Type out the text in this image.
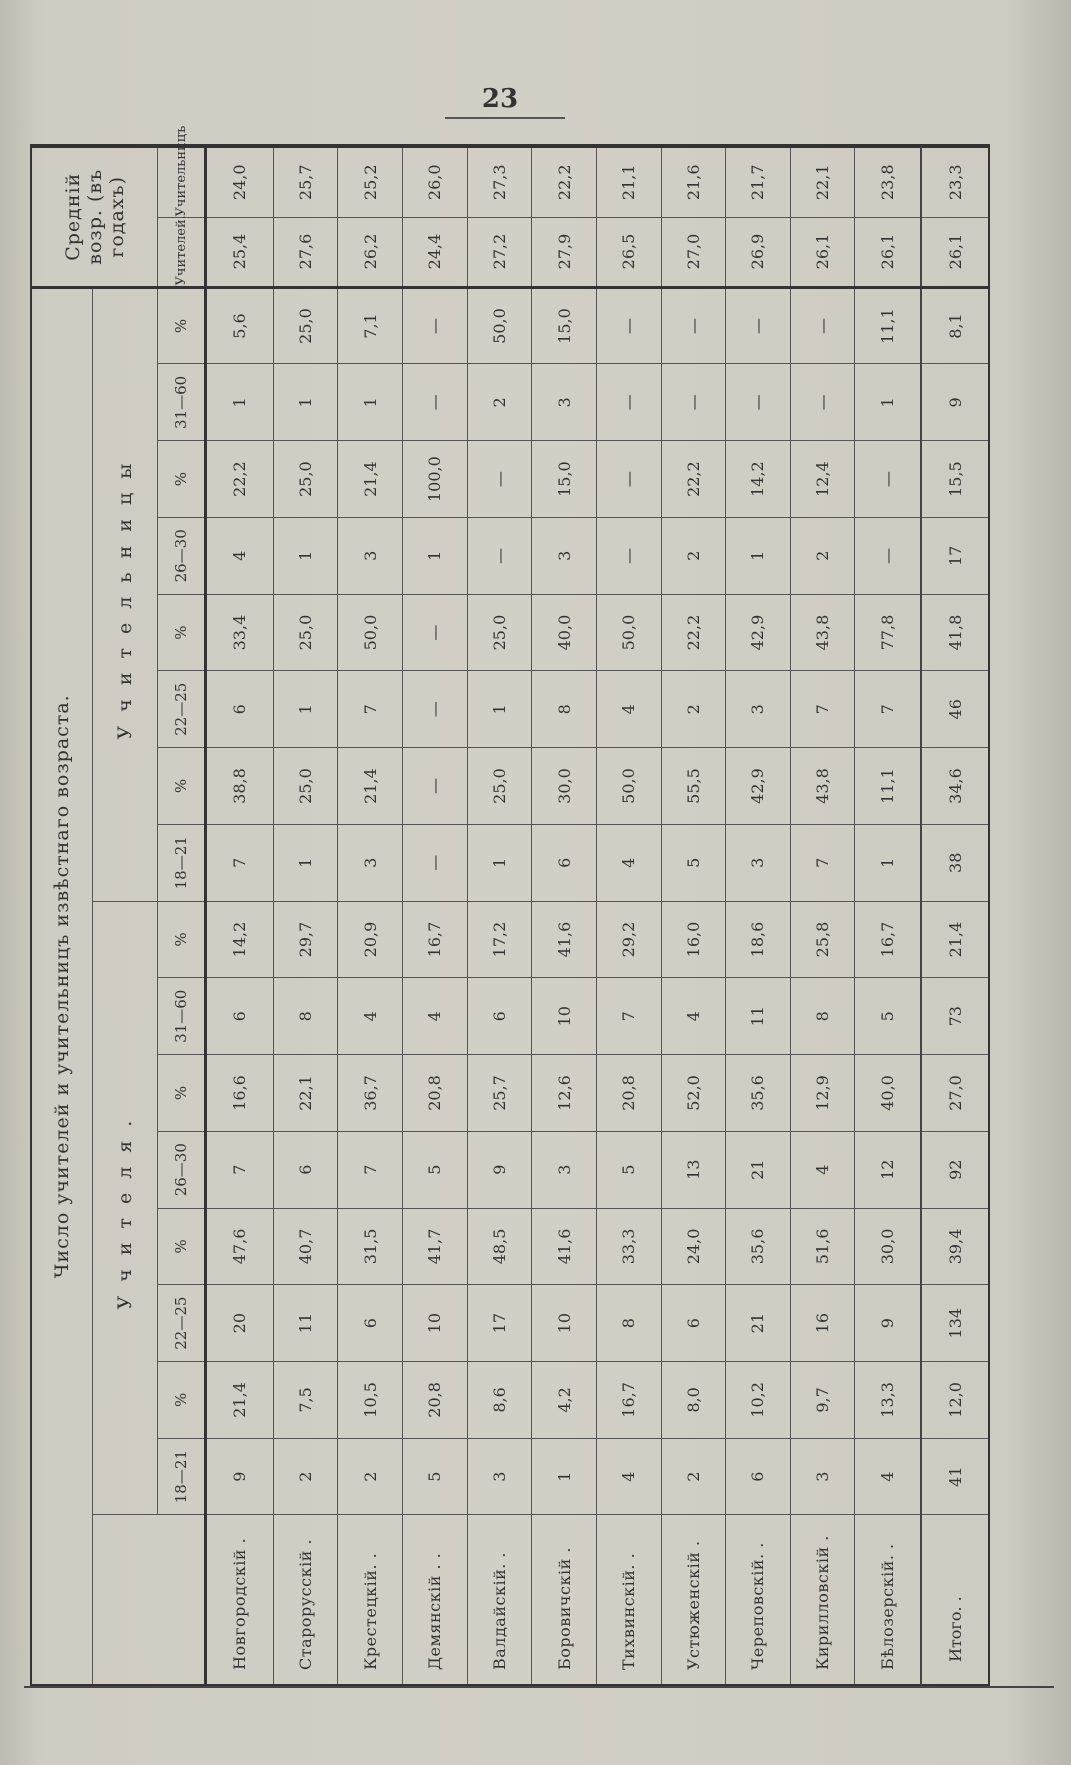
23
Число учителей и учительницъ извѣстнаго возраста.																	Средній возр. (въ годахъ)	
	Учителя.								Учительницы									
	18—21	%	22—25	%	26—30	%	31—60	%	18—21	%	22—25	%	26—30	%	31—60	%	Учителей.	Учительницъ
Новгородскій .	9	21,4	20	47,6	7	16,6	6	14,2	7	38,8	6	33,4	4	22,2	1	5,6	25,4	24,0
Старорусскій .	2	7,5	11	40,7	6	22,1	8	29,7	1	25,0	1	25,0	1	25,0	1	25,0	27,6	25,7
Крестецкій. .	2	10,5	6	31,5	7	36,7	4	20,9	3	21,4	7	50,0	3	21,4	1	7,1	26,2	25,2
Демянскій . .	5	20,8	10	41,7	5	20,8	4	16,7	—	—	—	—	1	100,0	—	—	24,4	26,0
Валдайскій. .	3	8,6	17	48,5	9	25,7	6	17,2	1	25,0	1	25,0	—	—	2	50,0	27,2	27,3
Боровичскій .	1	4,2	10	41,6	3	12,6	10	41,6	6	30,0	8	40,0	3	15,0	3	15,0	27,9	22,2
Тихвинскій. .	4	16,7	8	33,3	5	20,8	7	29,2	4	50,0	4	50,0	—	—	—	—	26,5	21,1
Устюженскій .	2	8,0	6	24,0	13	52,0	4	16,0	5	55,5	2	22,2	2	22,2	—	—	27,0	21,6
Череповскій. .	6	10,2	21	35,6	21	35,6	11	18,6	3	42,9	3	42,9	1	14,2	—	—	26,9	21,7
Кирилловскій .	3	9,7	16	51,6	4	12,9	8	25,8	7	43,8	7	43,8	2	12,4	—	—	26,1	22,1
Бѣлозерскій. .	4	13,3	9	30,0	12	40,0	5	16,7	1	11,1	7	77,8	—	—	1	11,1	26,1	23,8
Итого. .	41	12,0	134	39,4	92	27,0	73	21,4	38	34,6	46	41,8	17	15,5	9	8,1	26,1	23,3
